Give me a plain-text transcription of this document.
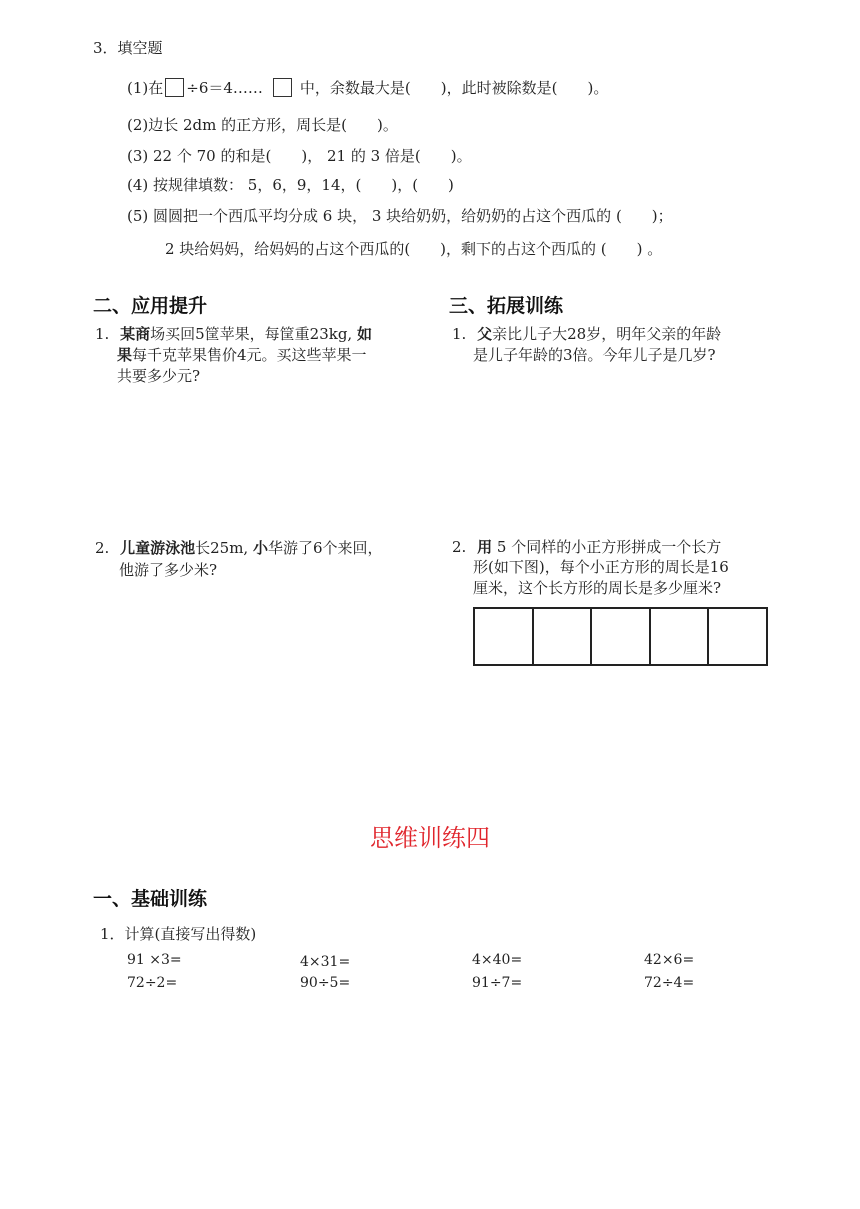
3．填空题
(1)在 ÷6＝4…… 中，余数最大是(　　)，此时被除数是(　　)。
(2)边长 2dm 的正方形，周长是(　　)。
(3) 22 个 70 的和是(　　)， 21 的 3 倍是(　　)。
(4) 按规律填数： 5，6，9，14，(　　)，(　　)
(5) 圆圆把一个西瓜平均分成 6 块， 3 块给奶奶，给奶奶的占这个西瓜的 (　　)；
2 块给妈妈，给妈妈的占这个西瓜的(　　)，剩下的占这个西瓜的 (　　) 。
二、应用提升	三、拓展训练
1. 某商场买回5筐苹果，每筐重23kg, 如
果每千克苹果售价4元。买这些苹果一
共要多少元?
2. 儿童游泳池长25m, 小华游了6个来回，
他游了多少米?
1. 父亲比儿子大28岁，明年父亲的年龄
是儿子年龄的3倍。今年儿子是几岁?
2. 用 5 个同样的小正方形拼成一个长方
形(如下图)，每个小正方形的周长是16
厘米，这个长方形的周长是多少厘米?
思维训练四
一、基础训练
1．计算(直接写出得数)
91 ×3=	4×31=	4×40=	42×6=
72÷2=	90÷5=	91÷7=	72÷4=
